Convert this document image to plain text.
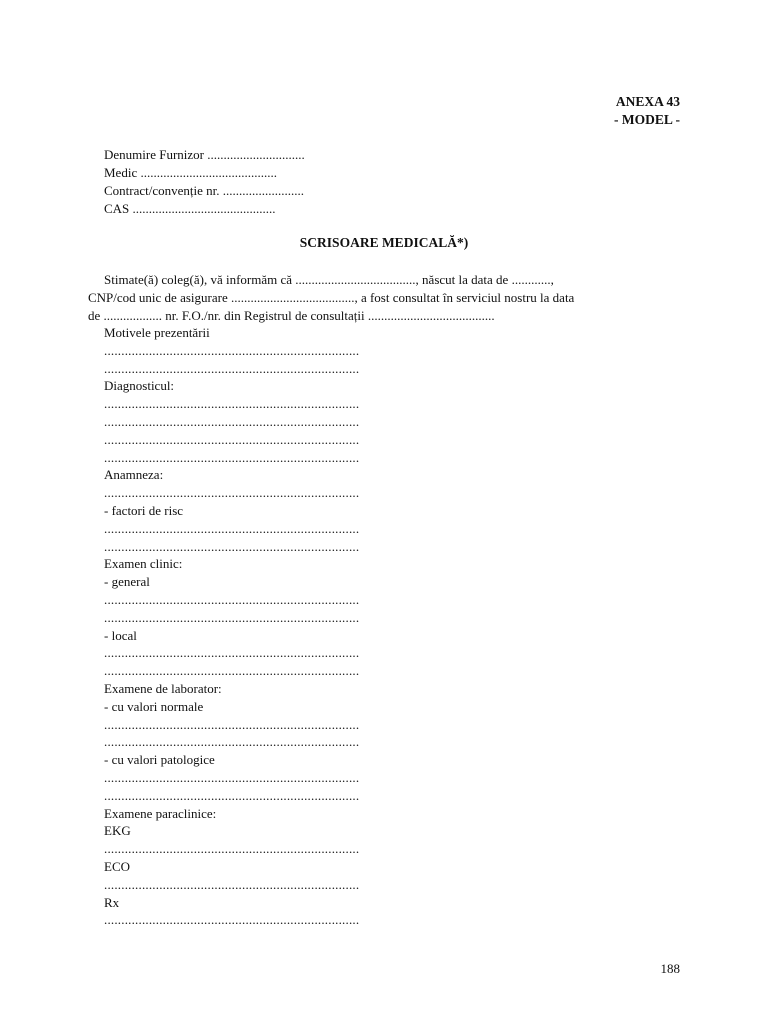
ANEXA 43
- MODEL -
Denumire Furnizor ..............................
Medic ..........................................
Contract/convenție nr. .........................
CAS ............................................
SCRISOARE MEDICALĂ*)
Stimate(ă) coleg(ă), vă informăm că ....................................., născut la data de ............,
CNP/cod unic de asigurare ......................................, a fost consultat în serviciul nostru la data
de .................. nr. F.O./nr. din Registrul de consultații .......................................
Motivele prezentării
..........................................................................
..........................................................................
Diagnosticul:
..........................................................................
..........................................................................
..........................................................................
..........................................................................
Anamneza:
..........................................................................
- factori de risc
..........................................................................
..........................................................................
Examen clinic:
- general
..........................................................................
..........................................................................
- local
..........................................................................
..........................................................................
Examene de laborator:
- cu valori normale
..........................................................................
..........................................................................
- cu valori patologice
..........................................................................
..........................................................................
Examene paraclinice:
EKG
..........................................................................
ECO
..........................................................................
Rx
..........................................................................
188
